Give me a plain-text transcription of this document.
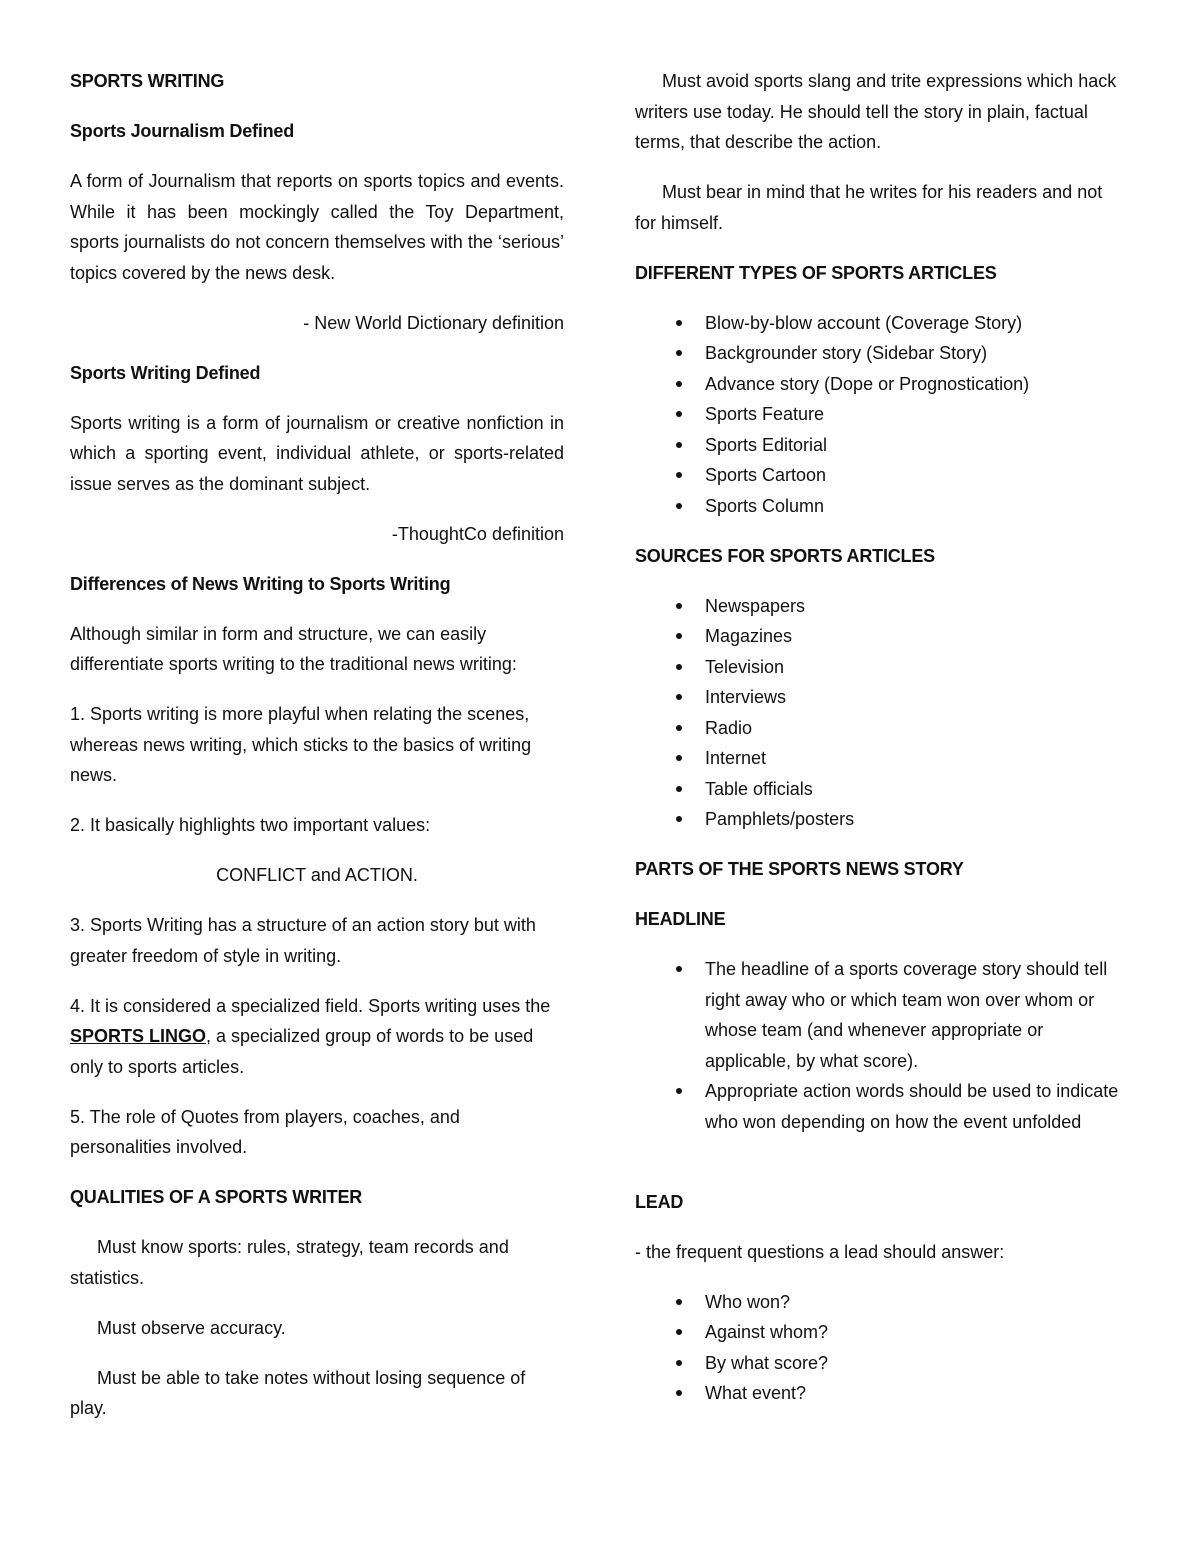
SPORTS WRITING

Sports Journalism Defined

A form of Journalism that reports on sports topics and events. While it has been mockingly called the Toy Department, sports journalists do not concern themselves with the ‘serious’ topics covered by the news desk.

- New World Dictionary definition

Sports Writing Defined

Sports writing is a form of journalism or creative nonfiction in which a sporting event, individual athlete, or sports-related issue serves as the dominant subject.

-ThoughtCo definition

Differences of News Writing to Sports Writing

Although similar in form and structure, we can easily differentiate sports writing to the traditional news writing:

1. Sports writing is more playful when relating the scenes, whereas news writing, which sticks to the basics of writing news.

2. It basically highlights two important values:

CONFLICT and ACTION.

3. Sports Writing has a structure of an action story but with greater freedom of style in writing.

4. It is considered a specialized field. Sports writing uses the SPORTS LINGO, a specialized group of words to be used only to sports articles.

5. The role of Quotes from players, coaches, and personalities involved.

QUALITIES OF A SPORTS WRITER

Must know sports: rules, strategy, team records and statistics.

Must observe accuracy.

Must be able to take notes without losing sequence of play.

Must avoid sports slang and trite expressions which hack writers use today. He should tell the story in plain, factual terms, that describe the action.

Must bear in mind that he writes for his readers and not for himself.

DIFFERENT TYPES OF SPORTS ARTICLES

Blow-by-blow account (Coverage Story)
Backgrounder story (Sidebar Story)
Advance story (Dope or Prognostication)
Sports Feature
Sports Editorial
Sports Cartoon
Sports Column

SOURCES FOR SPORTS ARTICLES

Newspapers
Magazines
Television
Interviews
Radio
Internet
Table officials
Pamphlets/posters

PARTS OF THE SPORTS NEWS STORY

HEADLINE

The headline of a sports coverage story should tell right away who or which team won over whom or whose team (and whenever appropriate or applicable, by what score).
Appropriate action words should be used to indicate who won depending on how the event unfolded

LEAD

- the frequent questions a lead should answer:

Who won?
Against whom?
By what score?
What event?
